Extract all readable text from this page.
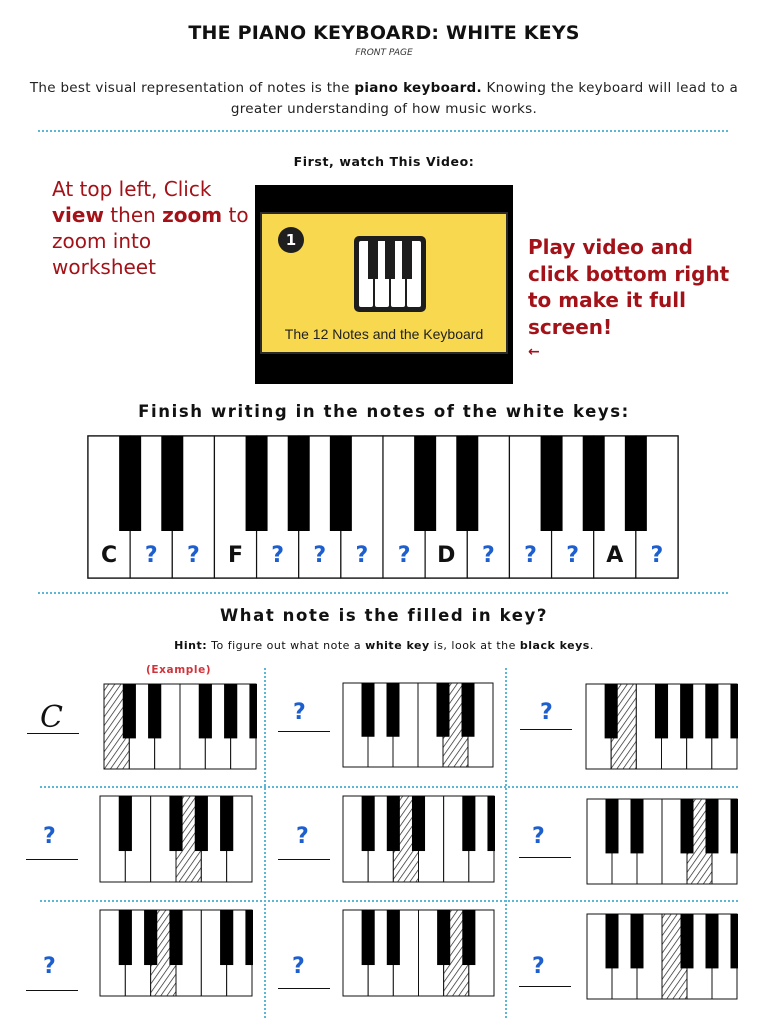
THE PIANO KEYBOARD: WHITE KEYS
FRONT PAGE
The best visual representation of notes is the piano keyboard. Knowing the keyboard will lead to a greater understanding of how music works.
First, watch This Video:
At top left, Click view then zoom to zoom into worksheet
1
The 12 Notes and the Keyboard
Play video and click bottom right to make it full screen!
←
Finish writing in the notes of the white keys:
C ? ? F ? ? ? ? D ? ? ? A ?
What note is the filled in key?
Hint: To figure out what note a white key is, look at the black keys.
(Example)
C	?	?
?	?	?
?	?	?
